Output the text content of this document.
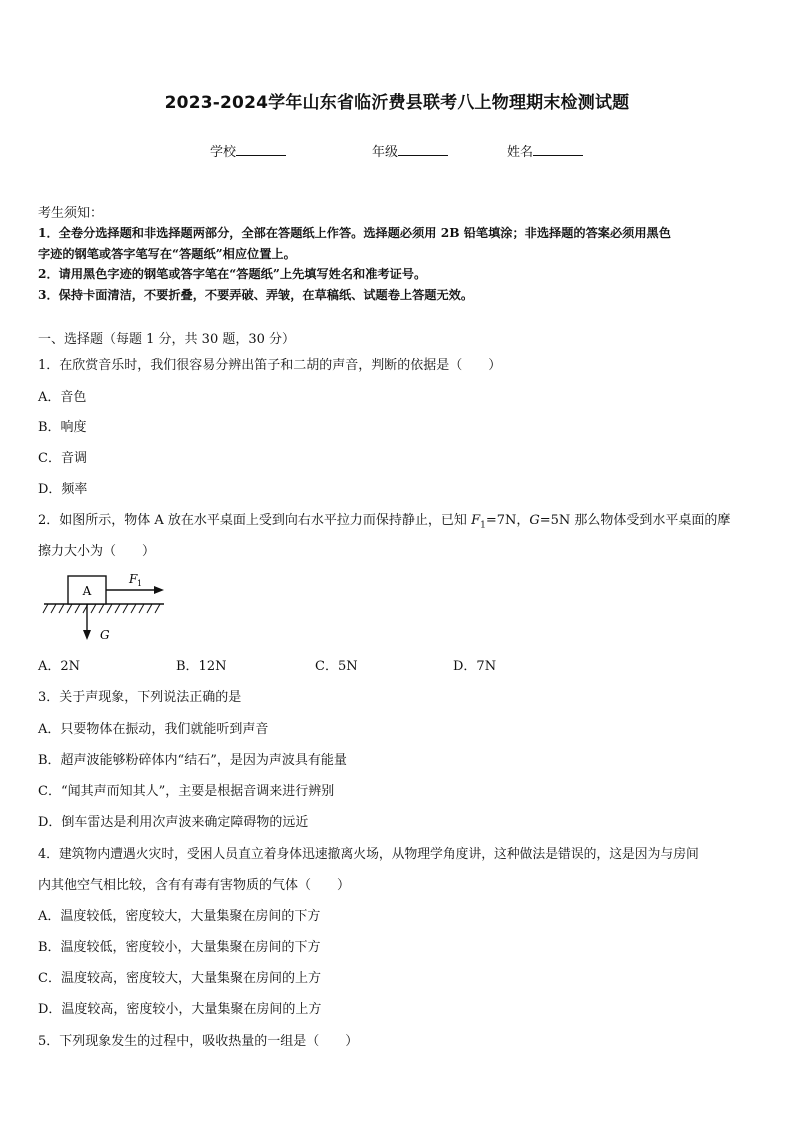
2023-2024学年山东省临沂费县联考八上物理期末检测试题
学校	年级	姓名
考生须知：
1．全卷分选择题和非选择题两部分，全部在答题纸上作答。选择题必须用 2B 铅笔填涂；非选择题的答案必须用黑色
字迹的钢笔或答字笔写在“答题纸”相应位置上。
2．请用黑色字迹的钢笔或答字笔在“答题纸”上先填写姓名和准考证号。
3．保持卡面清洁，不要折叠，不要弄破、弄皱，在草稿纸、试题卷上答题无效。
一、选择题（每题 1 分，共 30 题，30 分）
1．在欣赏音乐时，我们很容易分辨出笛子和二胡的声音，判断的依据是（　　）
A．音色
B．响度
C．音调
D．频率
2．如图所示，物体 A 放在水平桌面上受到向右水平拉力而保持静止，已知 $F_1=7N$，G=5N 那么物体受到水平桌面的摩
擦力大小为（　　）
A
F 1
G
A．2N	B．12N	C．5N	D．7N
3．关于声现象，下列说法正确的是
A．只要物体在振动，我们就能听到声音
B．超声波能够粉碎体内“结石”，是因为声波具有能量
C．“闻其声而知其人”，主要是根据音调来进行辨别
D．倒车雷达是利用次声波来确定障碍物的远近
4．建筑物内遭遇火灾时，受困人员直立着身体迅速撤离火场，从物理学角度讲，这种做法是错误的，这是因为与房间
内其他空气相比较，含有有毒有害物质的气体（　　）
A．温度较低，密度较大，大量集聚在房间的下方
B．温度较低，密度较小，大量集聚在房间的下方
C．温度较高，密度较大，大量集聚在房间的上方
D．温度较高，密度较小，大量集聚在房间的上方
5．下列现象发生的过程中，吸收热量的一组是（　　）
